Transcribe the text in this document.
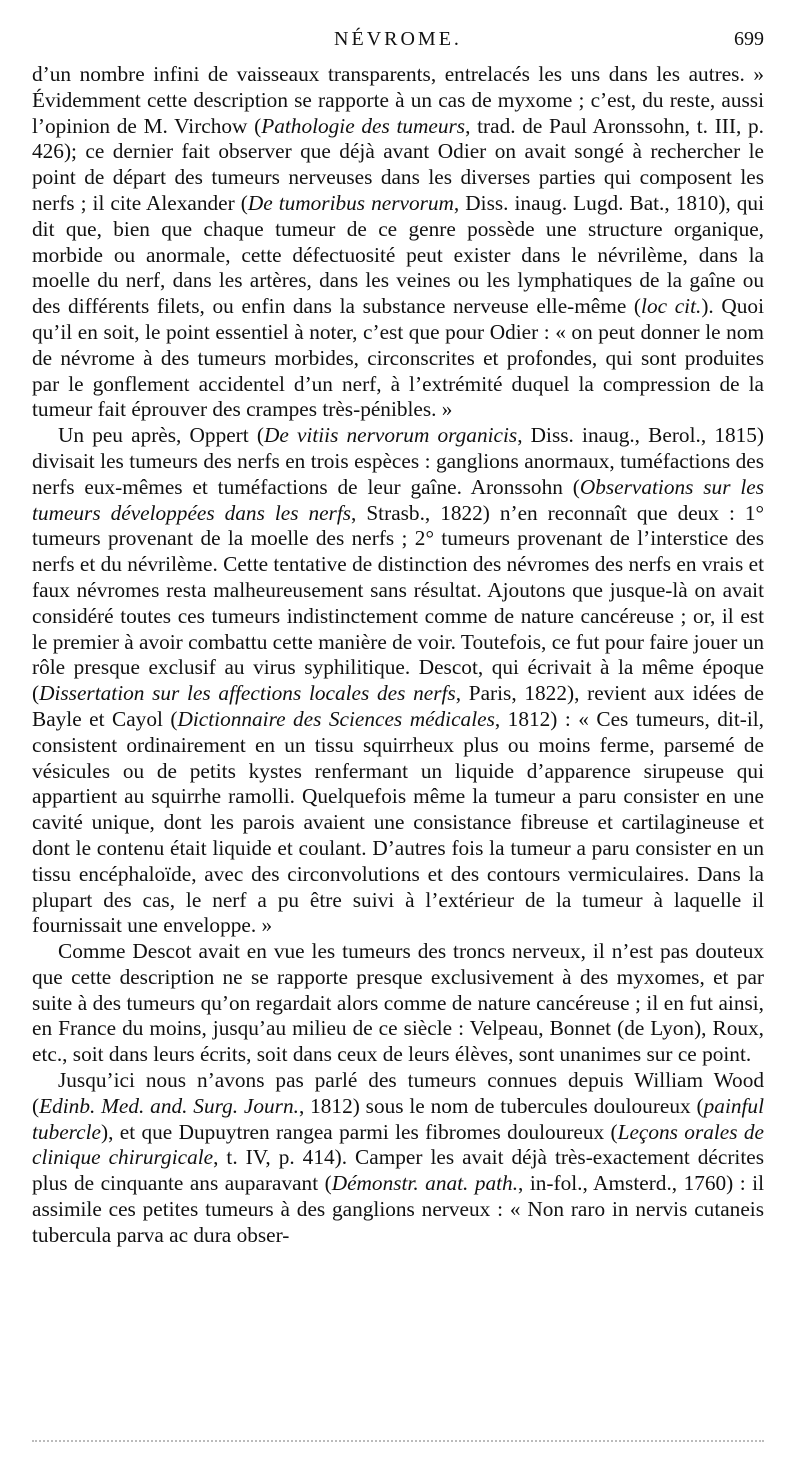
NÉVROME.	699

d’un nombre infini de vaisseaux transparents, entrelacés les uns dans les autres. » Évidemment cette description se rapporte à un cas de myxome ; c’est, du reste, aussi l’opinion de M. Virchow (Pathologie des tumeurs, trad. de Paul Aronssohn, t. III, p. 426); ce dernier fait observer que déjà avant Odier on avait songé à rechercher le point de départ des tumeurs nerveuses dans les diverses parties qui composent les nerfs ; il cite Alexander (De tumoribus nervorum, Diss. inaug. Lugd. Bat., 1810), qui dit que, bien que chaque tumeur de ce genre possède une structure organique, morbide ou anormale, cette défectuosité peut exister dans le névrilème, dans la moelle du nerf, dans les artères, dans les veines ou les lymphatiques de la gaîne ou des différents filets, ou enfin dans la substance nerveuse elle-même (loc cit.). Quoi qu’il en soit, le point essentiel à noter, c’est que pour Odier : « on peut donner le nom de névrome à des tumeurs morbides, circonscrites et profondes, qui sont produites par le gonflement accidentel d’un nerf, à l’extrémité duquel la compression de la tumeur fait éprouver des crampes très-pénibles. »

Un peu après, Oppert (De vitiis nervorum organicis, Diss. inaug., Berol., 1815) divisait les tumeurs des nerfs en trois espèces : ganglions anormaux, tuméfactions des nerfs eux-mêmes et tuméfactions de leur gaîne. Aronssohn (Observations sur les tumeurs développées dans les nerfs, Strasb., 1822) n’en reconnaît que deux : 1° tumeurs provenant de la moelle des nerfs ; 2° tumeurs provenant de l’interstice des nerfs et du névrilème. Cette tentative de distinction des névromes des nerfs en vrais et faux névromes resta malheureusement sans résultat. Ajoutons que jusque-là on avait considéré toutes ces tumeurs indistinctement comme de nature cancéreuse ; or, il est le premier à avoir combattu cette manière de voir. Toutefois, ce fut pour faire jouer un rôle presque exclusif au virus syphilitique. Descot, qui écrivait à la même époque (Dissertation sur les affections locales des nerfs, Paris, 1822), revient aux idées de Bayle et Cayol (Dictionnaire des Sciences médicales, 1812) : « Ces tumeurs, dit-il, consistent ordinairement en un tissu squirrheux plus ou moins ferme, parsemé de vésicules ou de petits kystes renfermant un liquide d’apparence sirupeuse qui appartient au squirrhe ramolli. Quelquefois même la tumeur a paru consister en une cavité unique, dont les parois avaient une consistance fibreuse et cartilagineuse et dont le contenu était liquide et coulant. D’autres fois la tumeur a paru consister en un tissu encéphaloïde, avec des circonvolutions et des contours vermiculaires. Dans la plupart des cas, le nerf a pu être suivi à l’extérieur de la tumeur à laquelle il fournissait une enveloppe. »

Comme Descot avait en vue les tumeurs des troncs nerveux, il n’est pas douteux que cette description ne se rapporte presque exclusivement à des myxomes, et par suite à des tumeurs qu’on regardait alors comme de nature cancéreuse ; il en fut ainsi, en France du moins, jusqu’au milieu de ce siècle : Velpeau, Bonnet (de Lyon), Roux, etc., soit dans leurs écrits, soit dans ceux de leurs élèves, sont unanimes sur ce point.

Jusqu’ici nous n’avons pas parlé des tumeurs connues depuis William Wood (Edinb. Med. and. Surg. Journ., 1812) sous le nom de tubercules douloureux (painful tubercle), et que Dupuytren rangea parmi les fibromes douloureux (Leçons orales de clinique chirurgicale, t. IV, p. 414). Camper les avait déjà très-exactement décrites plus de cinquante ans auparavant (Démonstr. anat. path., in-fol., Amsterd., 1760) : il assimile ces petites tumeurs à des ganglions nerveux : « Non raro in nervis cutaneis tubercula parva ac dura obser-
